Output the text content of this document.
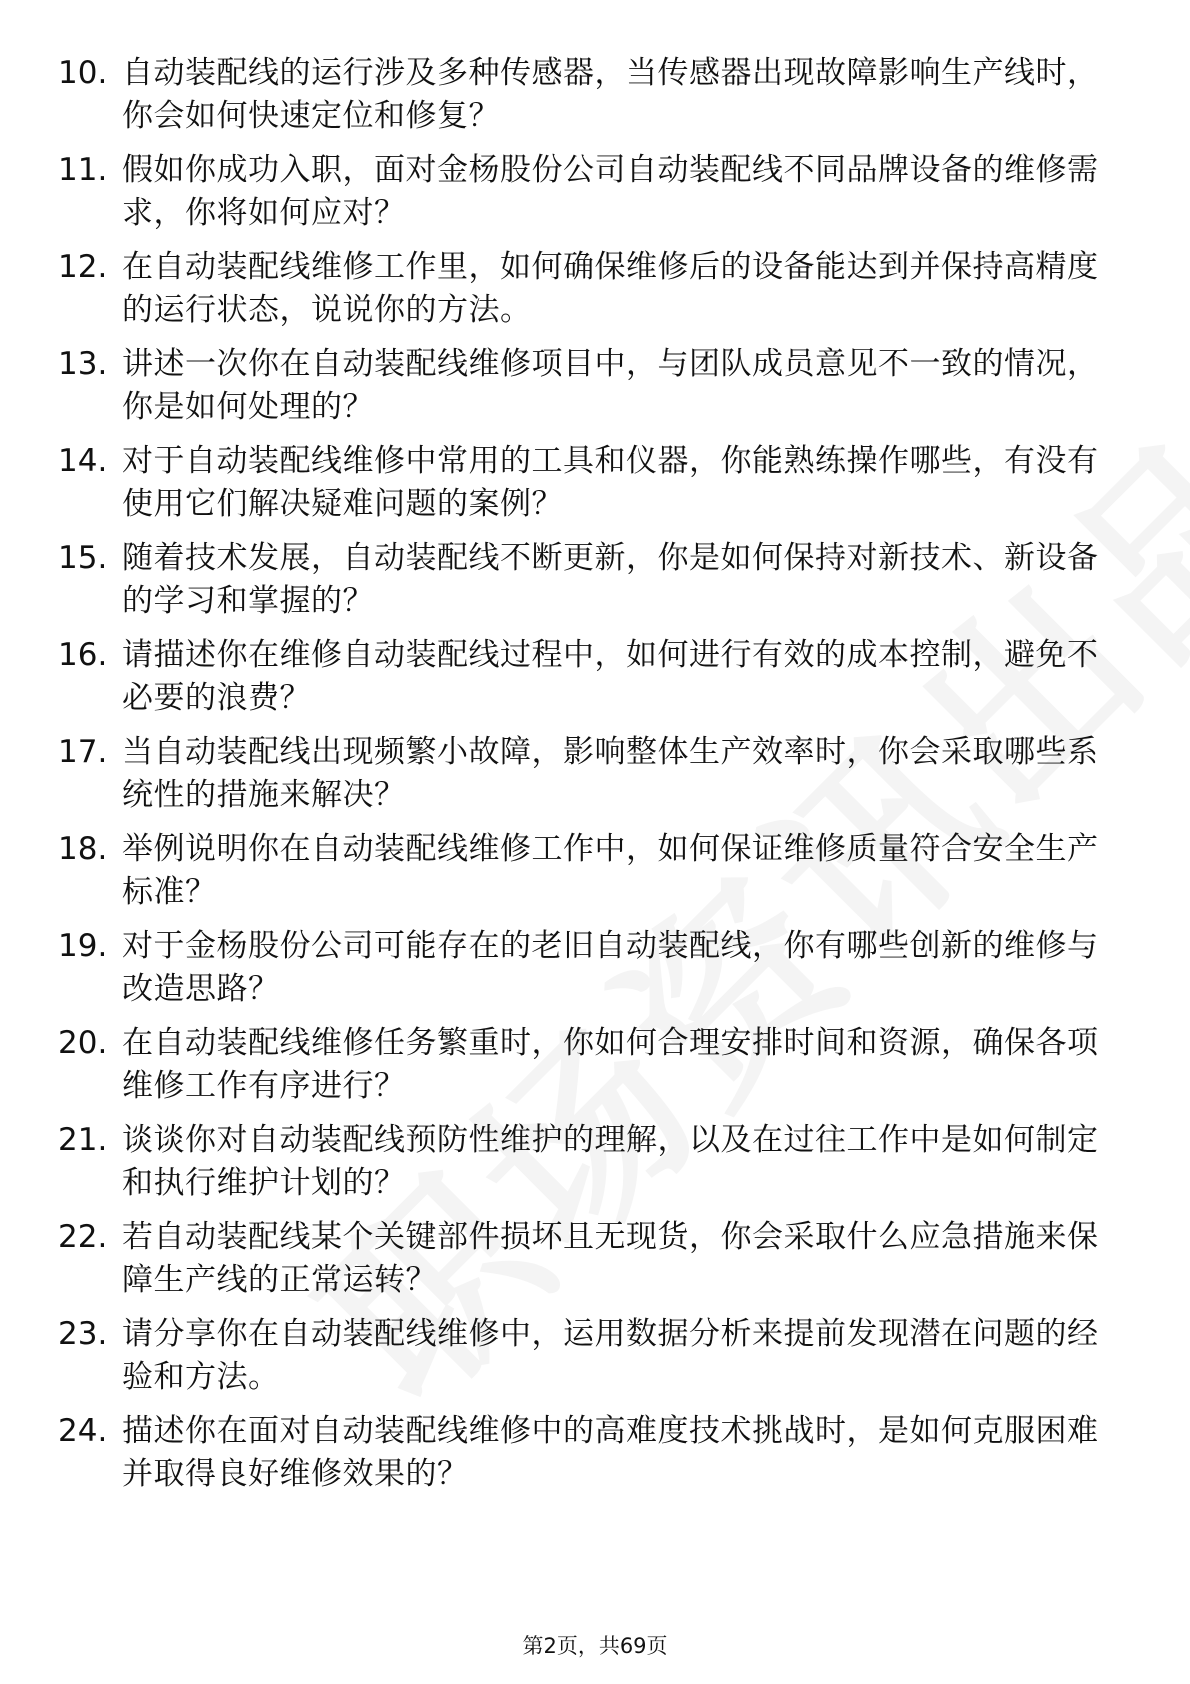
10. 自动装配线的运行涉及多种传感器，当传感器出现故障影响生产线时，你会如何快速定位和修复？
11. 假如你成功入职，面对金杨股份公司自动装配线不同品牌设备的维修需求，你将如何应对？
12. 在自动装配线维修工作里，如何确保维修后的设备能达到并保持高精度的运行状态，说说你的方法。
13. 讲述一次你在自动装配线维修项目中，与团队成员意见不一致的情况，你是如何处理的？
14. 对于自动装配线维修中常用的工具和仪器，你能熟练操作哪些，有没有使用它们解决疑难问题的案例？
15. 随着技术发展，自动装配线不断更新，你是如何保持对新技术、新设备的学习和掌握的？
16. 请描述你在维修自动装配线过程中，如何进行有效的成本控制，避免不必要的浪费？
17. 当自动装配线出现频繁小故障，影响整体生产效率时，你会采取哪些系统性的措施来解决？
18. 举例说明你在自动装配线维修工作中，如何保证维修质量符合安全生产标准？
19. 对于金杨股份公司可能存在的老旧自动装配线，你有哪些创新的维修与改造思路？
20. 在自动装配线维修任务繁重时，你如何合理安排时间和资源，确保各项维修工作有序进行？
21. 谈谈你对自动装配线预防性维护的理解，以及在过往工作中是如何制定和执行维护计划的？
22. 若自动装配线某个关键部件损坏且无现货，你会采取什么应急措施来保障生产线的正常运转？
23. 请分享你在自动装配线维修中，运用数据分析来提前发现潜在问题的经验和方法。
24. 描述你在面对自动装配线维修中的高难度技术挑战时，是如何克服困难并取得良好维修效果的？
第2页，共69页
